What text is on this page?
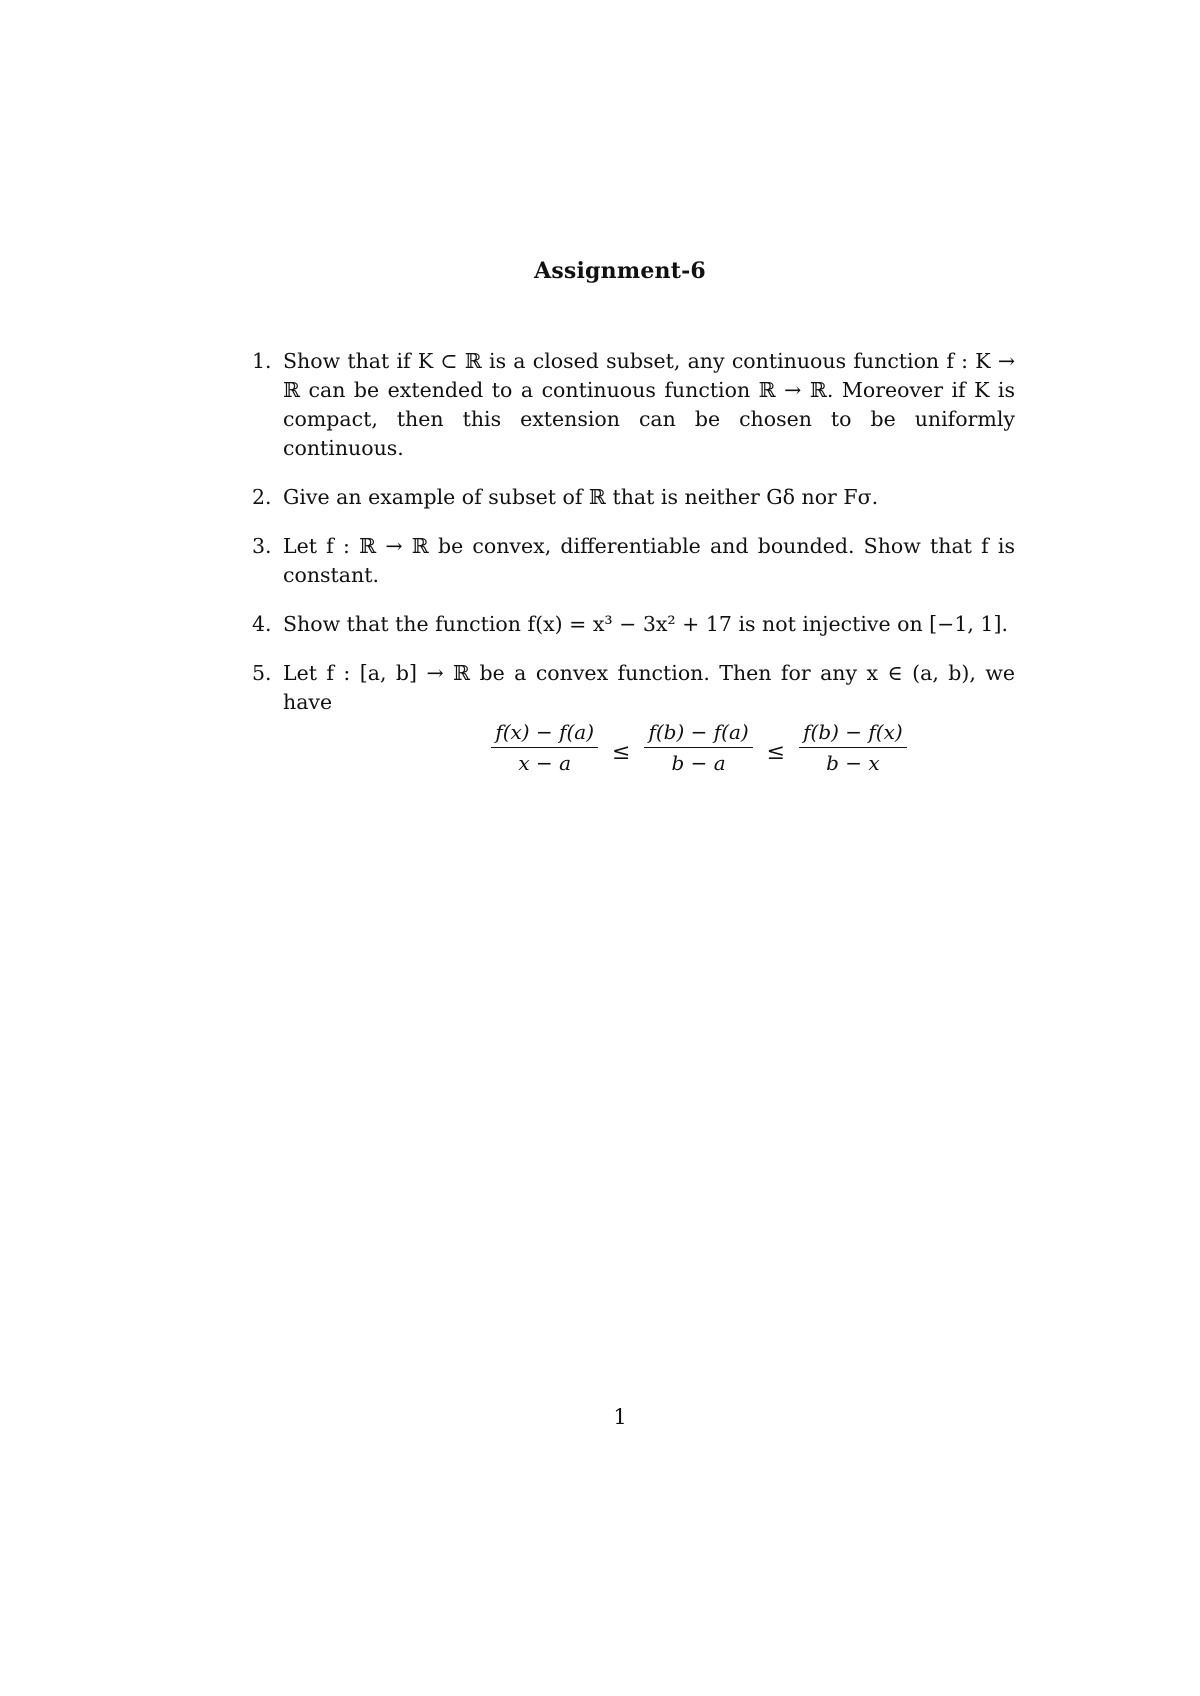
Assignment-6
1. Show that if K ⊂ ℝ is a closed subset, any continuous function f : K → ℝ can be extended to a continuous function ℝ → ℝ. Moreover if K is compact, then this extension can be chosen to be uniformly continuous.
2. Give an example of subset of ℝ that is neither Gδ nor Fσ.
3. Let f : ℝ → ℝ be convex, differentiable and bounded. Show that f is constant.
4. Show that the function f(x) = x³ − 3x² + 17 is not injective on [−1, 1].
5. Let f : [a, b] → ℝ be a convex function. Then for any x ∈ (a, b), we have
$\frac{f(x) - f(a)}{x - a} \le \frac{f(b) - f(a)}{b - a} \le \frac{f(b) - f(x)}{b - x}$
1
